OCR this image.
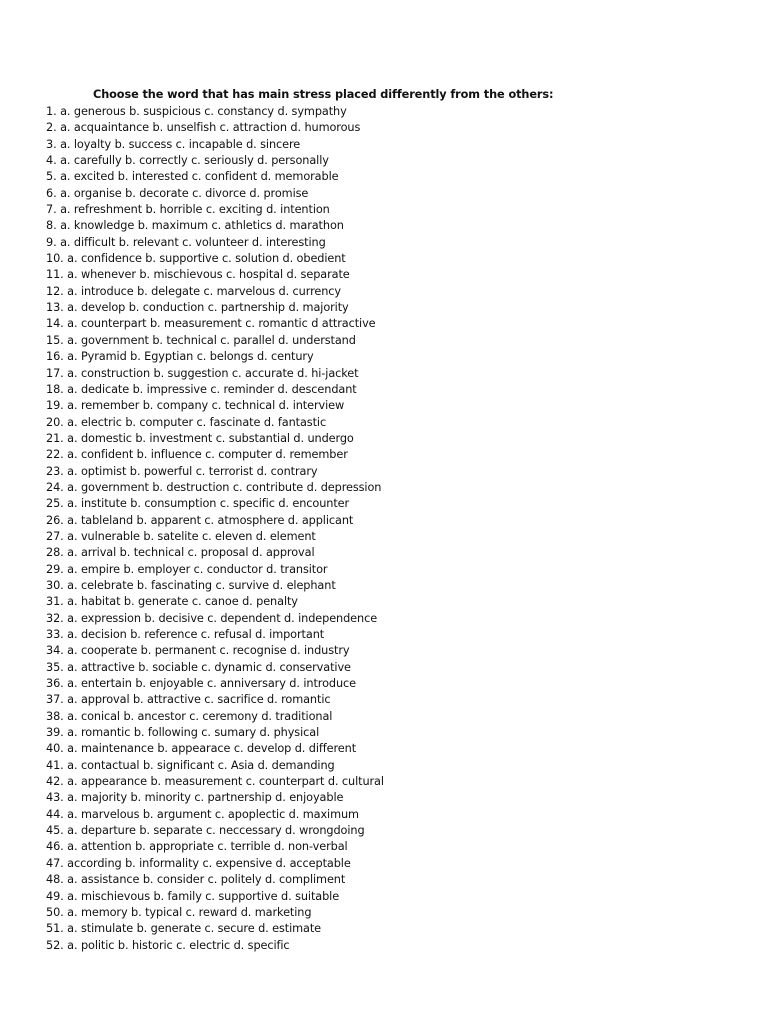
Choose the word that has main stress placed differently from the others:
1. a. generous b. suspicious c. constancy d. sympathy
2. a. acquaintance b. unselfish c. attraction d. humorous
3. a. loyalty b. success c. incapable d. sincere
4. a. carefully b. correctly c. seriously d. personally
5. a. excited b. interested c. confident d. memorable
6. a. organise b. decorate c. divorce d. promise
7. a. refreshment b. horrible c. exciting d. intention
8. a. knowledge b. maximum c. athletics d. marathon
9. a. difficult b. relevant c. volunteer d. interesting
10. a. confidence b. supportive c. solution d. obedient
11. a. whenever b. mischievous c. hospital d. separate
12. a. introduce b. delegate c. marvelous d. currency
13. a. develop b. conduction c. partnership d. majority
14. a. counterpart b. measurement c. romantic d attractive
15. a. government b. technical c. parallel d. understand
16. a. Pyramid b. Egyptian c. belongs d. century
17. a. construction b. suggestion c. accurate d. hi-jacket
18. a. dedicate b. impressive c. reminder d. descendant
19. a. remember b. company c. technical d. interview
20. a. electric b. computer c. fascinate d. fantastic
21. a. domestic b. investment c. substantial d. undergo
22. a. confident b. influence c. computer d. remember
23. a. optimist b. powerful c. terrorist d. contrary
24. a. government b. destruction c. contribute d. depression
25. a. institute b. consumption c. specific d. encounter
26. a. tableland b. apparent c. atmosphere d. applicant
27. a. vulnerable b. satelite c. eleven d. element
28. a. arrival b. technical c. proposal d. approval
29. a. empire b. employer c. conductor d. transitor
30. a. celebrate b. fascinating c. survive d. elephant
31. a. habitat b. generate c. canoe d. penalty
32. a. expression b. decisive c. dependent d. independence
33. a. decision b. reference c. refusal d. important
34. a. cooperate b. permanent c. recognise d. industry
35. a. attractive b. sociable c. dynamic d. conservative
36. a. entertain b. enjoyable c. anniversary d. introduce
37. a. approval b. attractive c. sacrifice d. romantic
38. a. conical b. ancestor c. ceremony d. traditional
39. a. romantic b. following c. sumary d. physical
40. a. maintenance b. appearace c. develop d. different
41. a. contactual b. significant c. Asia d. demanding
42. a. appearance b. measurement c. counterpart d. cultural
43. a. majority b. minority c. partnership d. enjoyable
44. a. marvelous b. argument c. apoplectic d. maximum
45. a. departure b. separate c. neccessary d. wrongdoing
46. a. attention b. appropriate c. terrible d. non-verbal
47. according b. informality c. expensive d. acceptable
48. a. assistance b. consider c. politely d. compliment
49. a. mischievous b. family c. supportive d. suitable
50. a. memory b. typical c. reward d. marketing
51. a. stimulate b. generate c. secure d. estimate
52. a. politic b. historic c. electric d. specific
